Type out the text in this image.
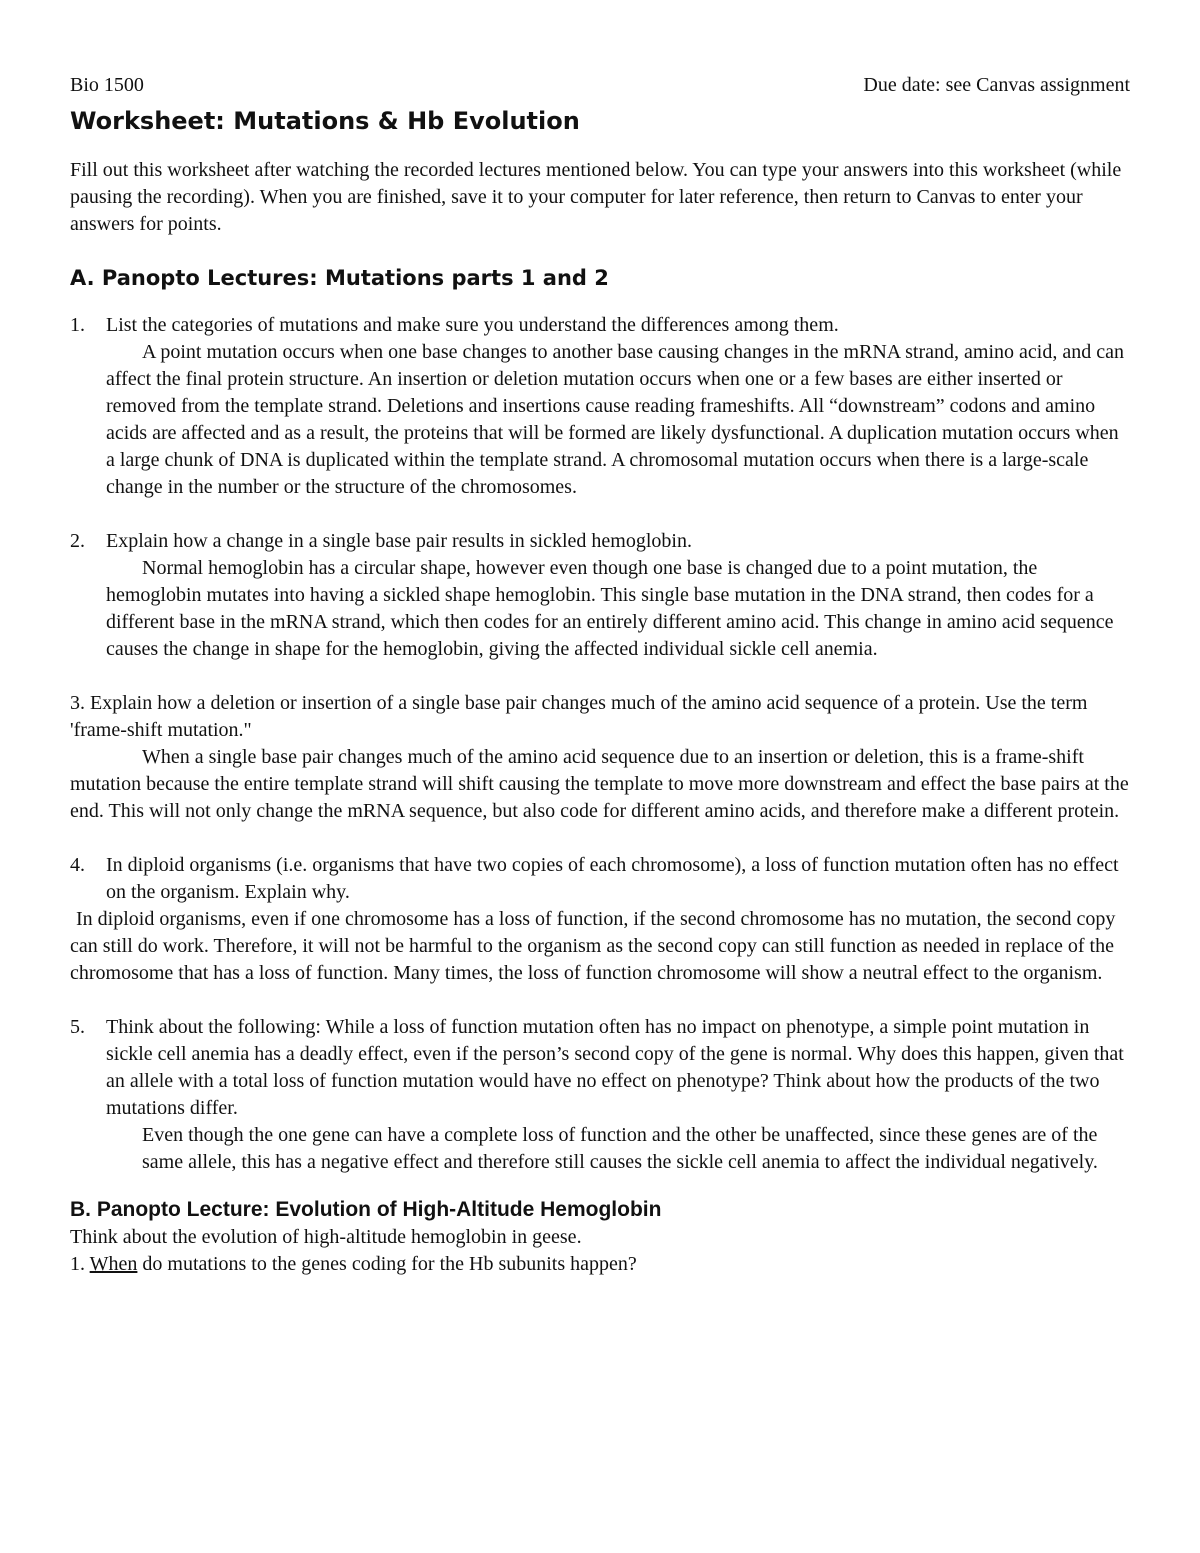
Bio 1500	Due date: see Canvas assignment
Worksheet: Mutations & Hb Evolution

Fill out this worksheet after watching the recorded lectures mentioned below. You can type your answers into this worksheet (while pausing the recording). When you are finished, save it to your computer for later reference, then return to Canvas to enter your answers for points.

A. Panopto Lectures: Mutations parts 1 and 2
1. List the categories of mutations and make sure you understand the differences among them.

A point mutation occurs when one base changes to another base causing changes in the mRNA strand, amino acid, and can affect the final protein structure. An insertion or deletion mutation occurs when one or a few bases are either inserted or removed from the template strand. Deletions and insertions cause reading frameshifts. All “downstream” codons and amino acids are affected and as a result, the proteins that will be formed are likely dysfunctional. A duplication mutation occurs when a large chunk of DNA is duplicated within the template strand. A chromosomal mutation occurs when there is a large-scale change in the number or the structure of the chromosomes.

2. Explain how a change in a single base pair results in sickled hemoglobin.

Normal hemoglobin has a circular shape, however even though one base is changed due to a point mutation, the hemoglobin mutates into having a sickled shape hemoglobin. This single base mutation in the DNA strand, then codes for a different base in the mRNA strand, which then codes for an entirely different amino acid. This change in amino acid sequence causes the change in shape for the hemoglobin, giving the affected individual sickle cell anemia.

3. Explain how a deletion or insertion of a single base pair changes much of the amino acid sequence of a protein. Use the term 'frame-shift mutation."

When a single base pair changes much of the amino acid sequence due to an insertion or deletion, this is a frame-shift mutation because the entire template strand will shift causing the template to move more downstream and effect the base pairs at the end. This will not only change the mRNA sequence, but also code for different amino acids, and therefore make a different protein.

4. In diploid organisms (i.e. organisms that have two copies of each chromosome), a loss of function mutation often has no effect on the organism. Explain why.

In diploid organisms, even if one chromosome has a loss of function, if the second chromosome has no mutation, the second copy can still do work. Therefore, it will not be harmful to the organism as the second copy can still function as needed in replace of the chromosome that has a loss of function. Many times, the loss of function chromosome will show a neutral effect to the organism.

5. Think about the following: While a loss of function mutation often has no impact on phenotype, a simple point mutation in sickle cell anemia has a deadly effect, even if the person’s second copy of the gene is normal. Why does this happen, given that an allele with a total loss of function mutation would have no effect on phenotype? Think about how the products of the two mutations differ.

Even though the one gene can have a complete loss of function and the other be unaffected, since these genes are of the same allele, this has a negative effect and therefore still causes the sickle cell anemia to affect the individual negatively.

B. Panopto Lecture: Evolution of High-Altitude Hemoglobin

Think about the evolution of high-altitude hemoglobin in geese.

1. When do mutations to the genes coding for the Hb subunits happen?
